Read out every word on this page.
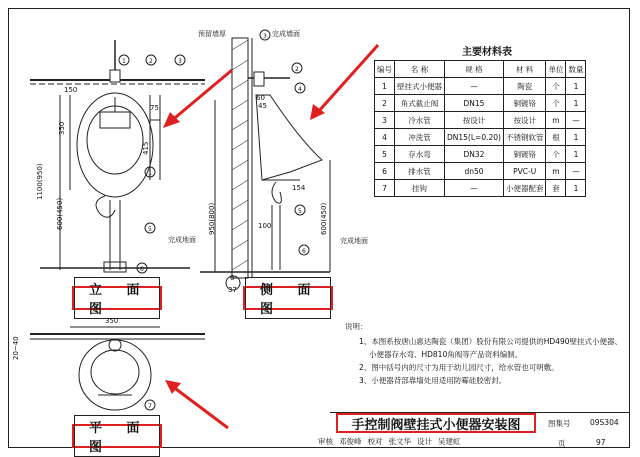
预留墙厚	完成墙面
完成地面	完成地面
150
75
350
415
1100(950)
600(450)
60
45
154
950(800)	600(450)
100
0
37
350
20~40
1	2	3
1
5
6
3
2
4
5
6
7
立 面 图
侧 面 图
平 面 图
主要材料表
编号	名 称	规 格	材 料	单位	数量
1	壁挂式小便器	—	陶瓷	个	1
2	角式截止阀	DN15	铜镀铬	个	1
3	冷水管	按设计	按设计	m	—
4	冲洗管	DN15(L=0.20)	不锈钢软管	根	1
5	存水弯	DN32	铜镀铬	个	1
6	排水管	dn50	PVC-U	m	—
7	挂钩	—	小便器配套	套	1
说明：
1、本图系按唐山惠达陶瓷（集团）股份有限公司提供的HD490壁挂式小便器、
小便器存水弯、HD810角阀等产品资料编制。
2、图中括号内的尺寸为用于幼儿园尺寸，给水管也可明敷。
3、小便器背部靠墙处用适用防霉硅胶密封。
手控制阀壁挂式小便器安装图	图集号	09S304
页	97
审核 邓俊峰 校对 张文华 设计 吴建虹
